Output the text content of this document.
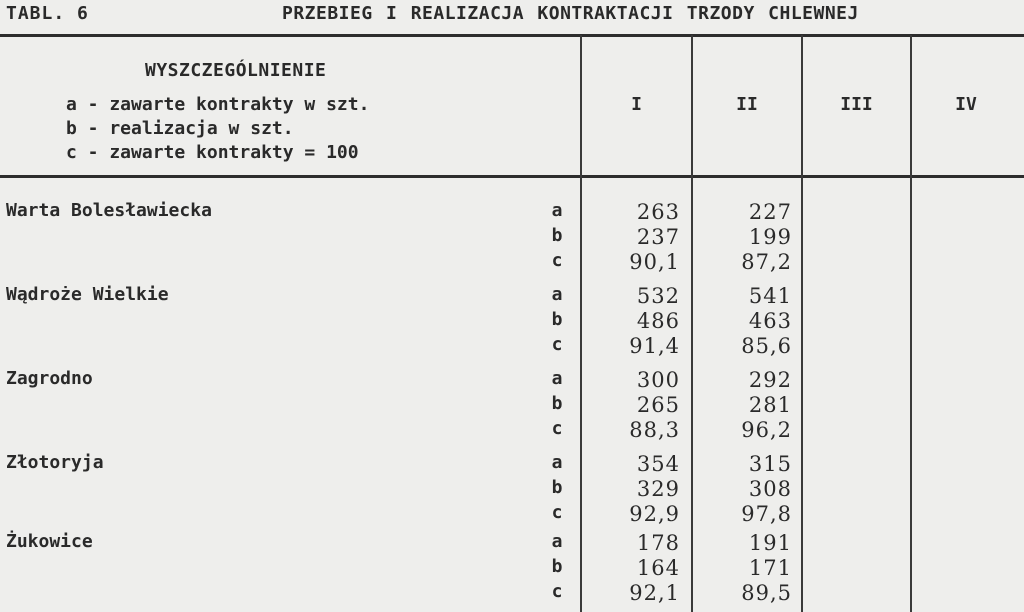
TABL. 6	PRZEBIEG I REALIZACJA KONTRAKTACJI TRZODY CHLEWNEJ
WYSZCZEGÓLNIENIE
a - zawarte kontrakty w szt.
b - realizacja w szt.
c - zawarte kontrakty = 100
I	II	III	IV
Warta Bolesławiecka	a	263	227
b	237	199
c	90,1	87,2
Wądroże Wielkie	a	532	541
b	486	463
c	91,4	85,6
Zagrodno	a	300	292
b	265	281
c	88,3	96,2
Złotoryja	a	354	315
b	329	308
c	92,9	97,8
Żukowice	a	178	191
b	164	171
c	92,1	89,5
